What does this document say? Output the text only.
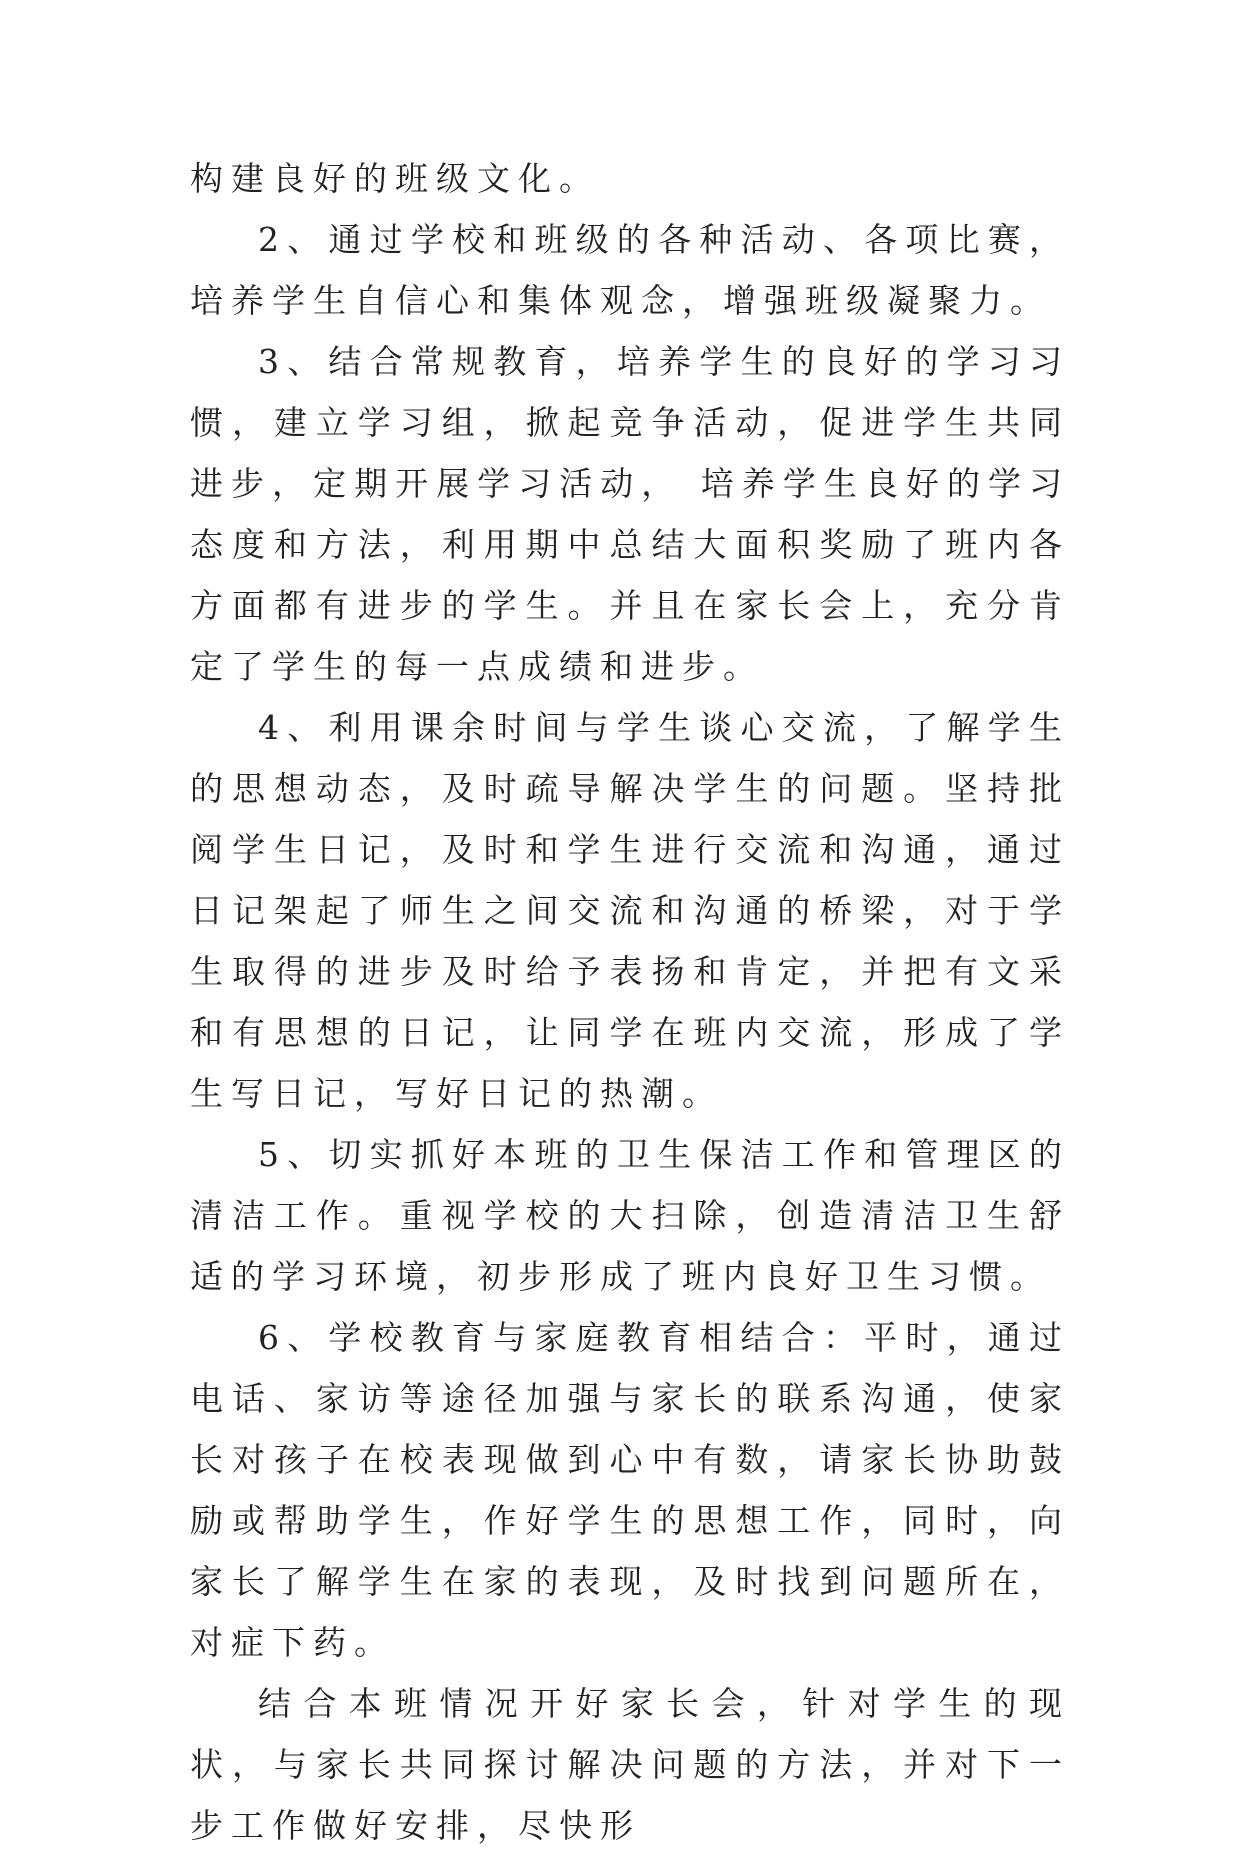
构建良好的班级文化。

2、通过学校和班级的各种活动、各项比赛，培养学生自信心和集体观念，增强班级凝聚力。

3、结合常规教育，培养学生的良好的学习习惯，建立学习组，掀起竞争活动，促进学生共同进步，定期开展学习活动， 培养学生良好的学习态度和方法，利用期中总结大面积奖励了班内各方面都有进步的学生。并且在家长会上，充分肯定了学生的每一点成绩和进步。

4、利用课余时间与学生谈心交流，了解学生的思想动态，及时疏导解决学生的问题。坚持批阅学生日记，及时和学生进行交流和沟通，通过日记架起了师生之间交流和沟通的桥梁，对于学生取得的进步及时给予表扬和肯定，并把有文采和有思想的日记，让同学在班内交流，形成了学生写日记，写好日记的热潮。

5、切实抓好本班的卫生保洁工作和管理区的清洁工作。重视学校的大扫除，创造清洁卫生舒适的学习环境，初步形成了班内良好卫生习惯。

6、学校教育与家庭教育相结合：平时，通过电话、家访等途径加强与家长的联系沟通，使家长对孩子在校表现做到心中有数，请家长协助鼓励或帮助学生，作好学生的思想工作，同时，向家长了解学生在家的表现，及时找到问题所在，对症下药。

结合本班情况开好家长会，针对学生的现状，与家长共同探讨解决问题的方法，并对下一步工作做好安排，尽快形
